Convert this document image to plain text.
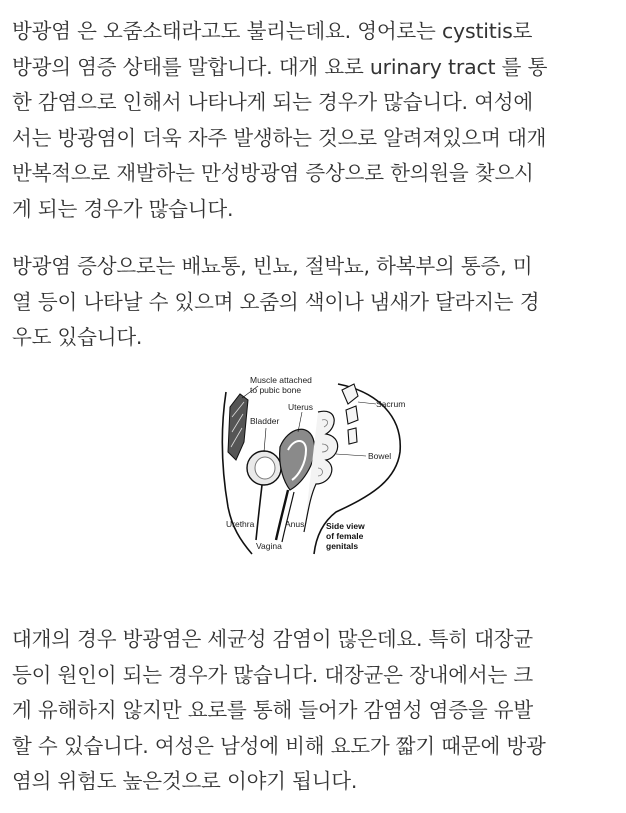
방광염 은 오줌소태라고도 불리는데요. 영어로는 cystitis로
방광의 염증 상태를 말합니다. 대개 요로 urinary tract 를 통
한 감염으로 인해서 나타나게 되는 경우가 많습니다. 여성에
서는 방광염이 더욱 자주 발생하는 것으로 알려져있으며 대개
반복적으로 재발하는 만성방광염 증상으로 한의원을 찾으시
게 되는 경우가 많습니다.

방광염 증상으로는 배뇨통, 빈뇨, 절박뇨, 하복부의 통증, 미
열 등이 나타날 수 있으며 오줌의 색이나 냄새가 달라지는 경
우도 있습니다.

Muscle attached
to pubic bone
Uterus	Sacrum
Bladder
Bowel
Urethra	Anus
Vagina
Side view
of female
genitals

대개의 경우 방광염은 세균성 감염이 많은데요. 특히 대장균
등이 원인이 되는 경우가 많습니다. 대장균은 장내에서는 크
게 유해하지 않지만 요로를 통해 들어가 감염성 염증을 유발
할 수 있습니다. 여성은 남성에 비해 요도가 짧기 때문에 방광
염의 위험도 높은것으로 이야기 됩니다.
